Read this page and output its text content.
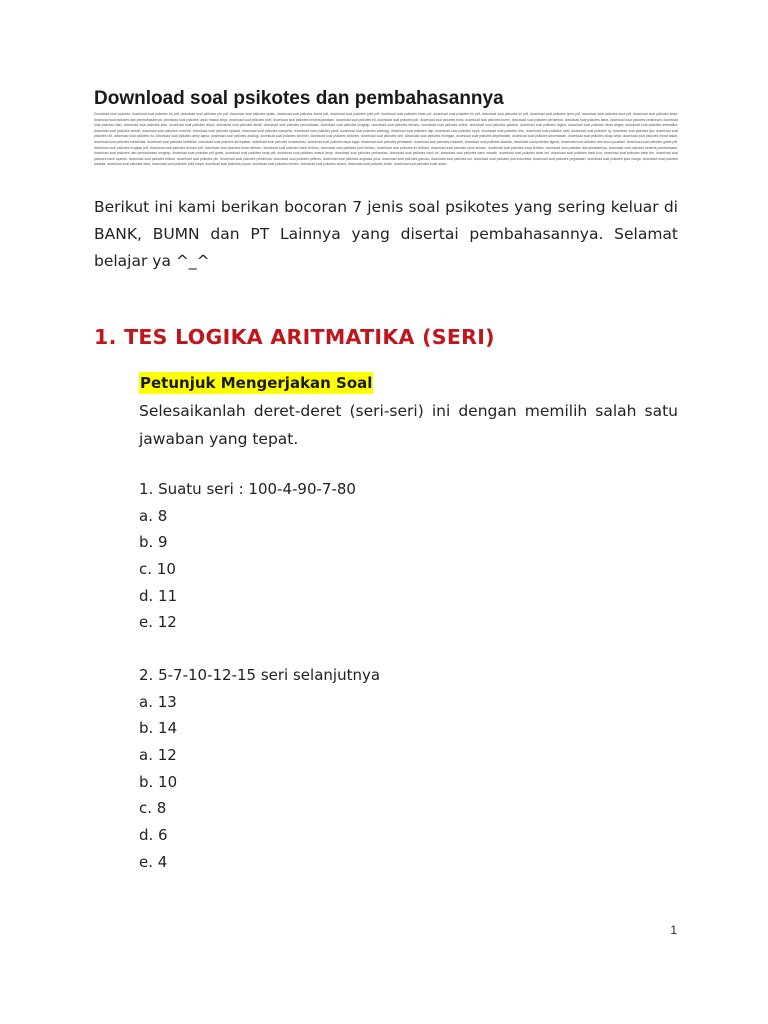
Download soal psikotes dan pembahasannya
Download soal psikotes, download soal psikotes bri pdf, download soal psikotes pln pdf, download soal psikotes gratis, download soal psikotes bumn pdf, download soal psikotes polri pdf, download soal psikotes bank pdf, download soal psikotes bri pdf, download soal psikotes tni pdf, download soal psikotes cpns pdf, download soal psikotes sma pdf, download soal psikotes kerja, download soal psikotes dan pembahasannya, download soal psikotes untuk masuk kerja, download soal psikotes polri, download soal psikotes beserta jawaban, download soal psikotes tni, download soal psikotes pdf, download soal psikotes bank, download soal psikotes bumn, download soal psikotes pertamina, download soal psikotes astra, download soal psikotes kedinasan, download soal psikotes stan, download soal psikotes ipdn, download soal psikotes akpol, download soal psikotes akmil, download soal psikotes perusahaan, download soal psikotes lengkap, download soal psikotes terbaru, download soal psikotes online, download soal psikotes gambar, download soal psikotes logika, download soal psikotes deret angka, download soal psikotes aritmatika, download soal psikotes verbal, download soal psikotes numerik, download soal psikotes spasial, download soal psikotes kraepelin, download soal psikotes pauli, download soal psikotes wartegg, download soal psikotes dap, download soal psikotes epps, download soal psikotes disc, download soal psikotes mbti, download soal psikotes iq, download soal psikotes tpa, download soal psikotes cfit, download soal psikotes ist, download soal psikotes army alpha, download soal psikotes analogi, download soal psikotes sinonim, download soal psikotes antonim, download soal psikotes seri, download soal psikotes hitungan, download soal psikotes kepribadian, download soal psikotes kecerdasan, download soal psikotes sikap kerja, download soal psikotes minat bakat, download soal psikotes kreativitas, download soal psikotes ketelitian, download soal psikotes kecepatan, download soal psikotes konsentrasi, download soal psikotes daya ingat, download soal psikotes penalaran, download soal psikotes mekanik, download soal psikotes abstrak, download soal psikotes figural, download soal psikotes dan kunci jawaban, download soal psikotes gratis pdf, download soal psikotes lengkap pdf, download soal psikotes terbaru pdf, download soal psikotes bumn terbaru, download soal psikotes bank terbaru, download soal psikotes polri terbaru, download soal psikotes tni terbaru, download soal psikotes cpns terbaru, download soal psikotes kerja terbaru, download soal psikotes dan jawabannya, download soal psikotes beserta pembahasan, download soal psikotes dan pembahasan lengkap, download soal psikotes pdf gratis, download soal psikotes kerja pdf, download soal psikotes masuk kerja, download soal psikotes perbankan, download soal psikotes bank bri, download soal psikotes bank mandiri, download soal psikotes bank bni, download soal psikotes bank bca, download soal psikotes bank btn, download soal psikotes bank syariah, download soal psikotes telkom, download soal psikotes pln, download soal psikotes pertamina, download soal psikotes pelindo, download soal psikotes angkasa pura, download soal psikotes garuda, download soal psikotes kai, download soal psikotes pos indonesia, download soal psikotes pegadaian, download soal psikotes jasa marga, download soal psikotes waskita, download soal psikotes wika, download soal psikotes adhi karya, download soal psikotes pupuk, download soal psikotes semen, download soal psikotes antam, download soal psikotes timah, download soal psikotes bukit asam

Berikut ini kami berikan bocoran 7 jenis soal psikotes yang sering keluar di BANK, BUMN dan PT Lainnya yang disertai pembahasannya. Selamat belajar ya ^_^

1. TES LOGIKA ARITMATIKA (SERI)
Petunjuk Mengerjakan Soal

Selesaikanlah deret-deret (seri-seri) ini dengan memilih salah satu jawaban yang tepat.

1. Suatu seri : 100-4-90-7-80
a. 8
b. 9
c. 10
d. 11
e. 12
2. 5-7-10-12-15 seri selanjutnya
a. 13
b. 14
a. 12
b. 10
c. 8
d. 6
e. 4
1
